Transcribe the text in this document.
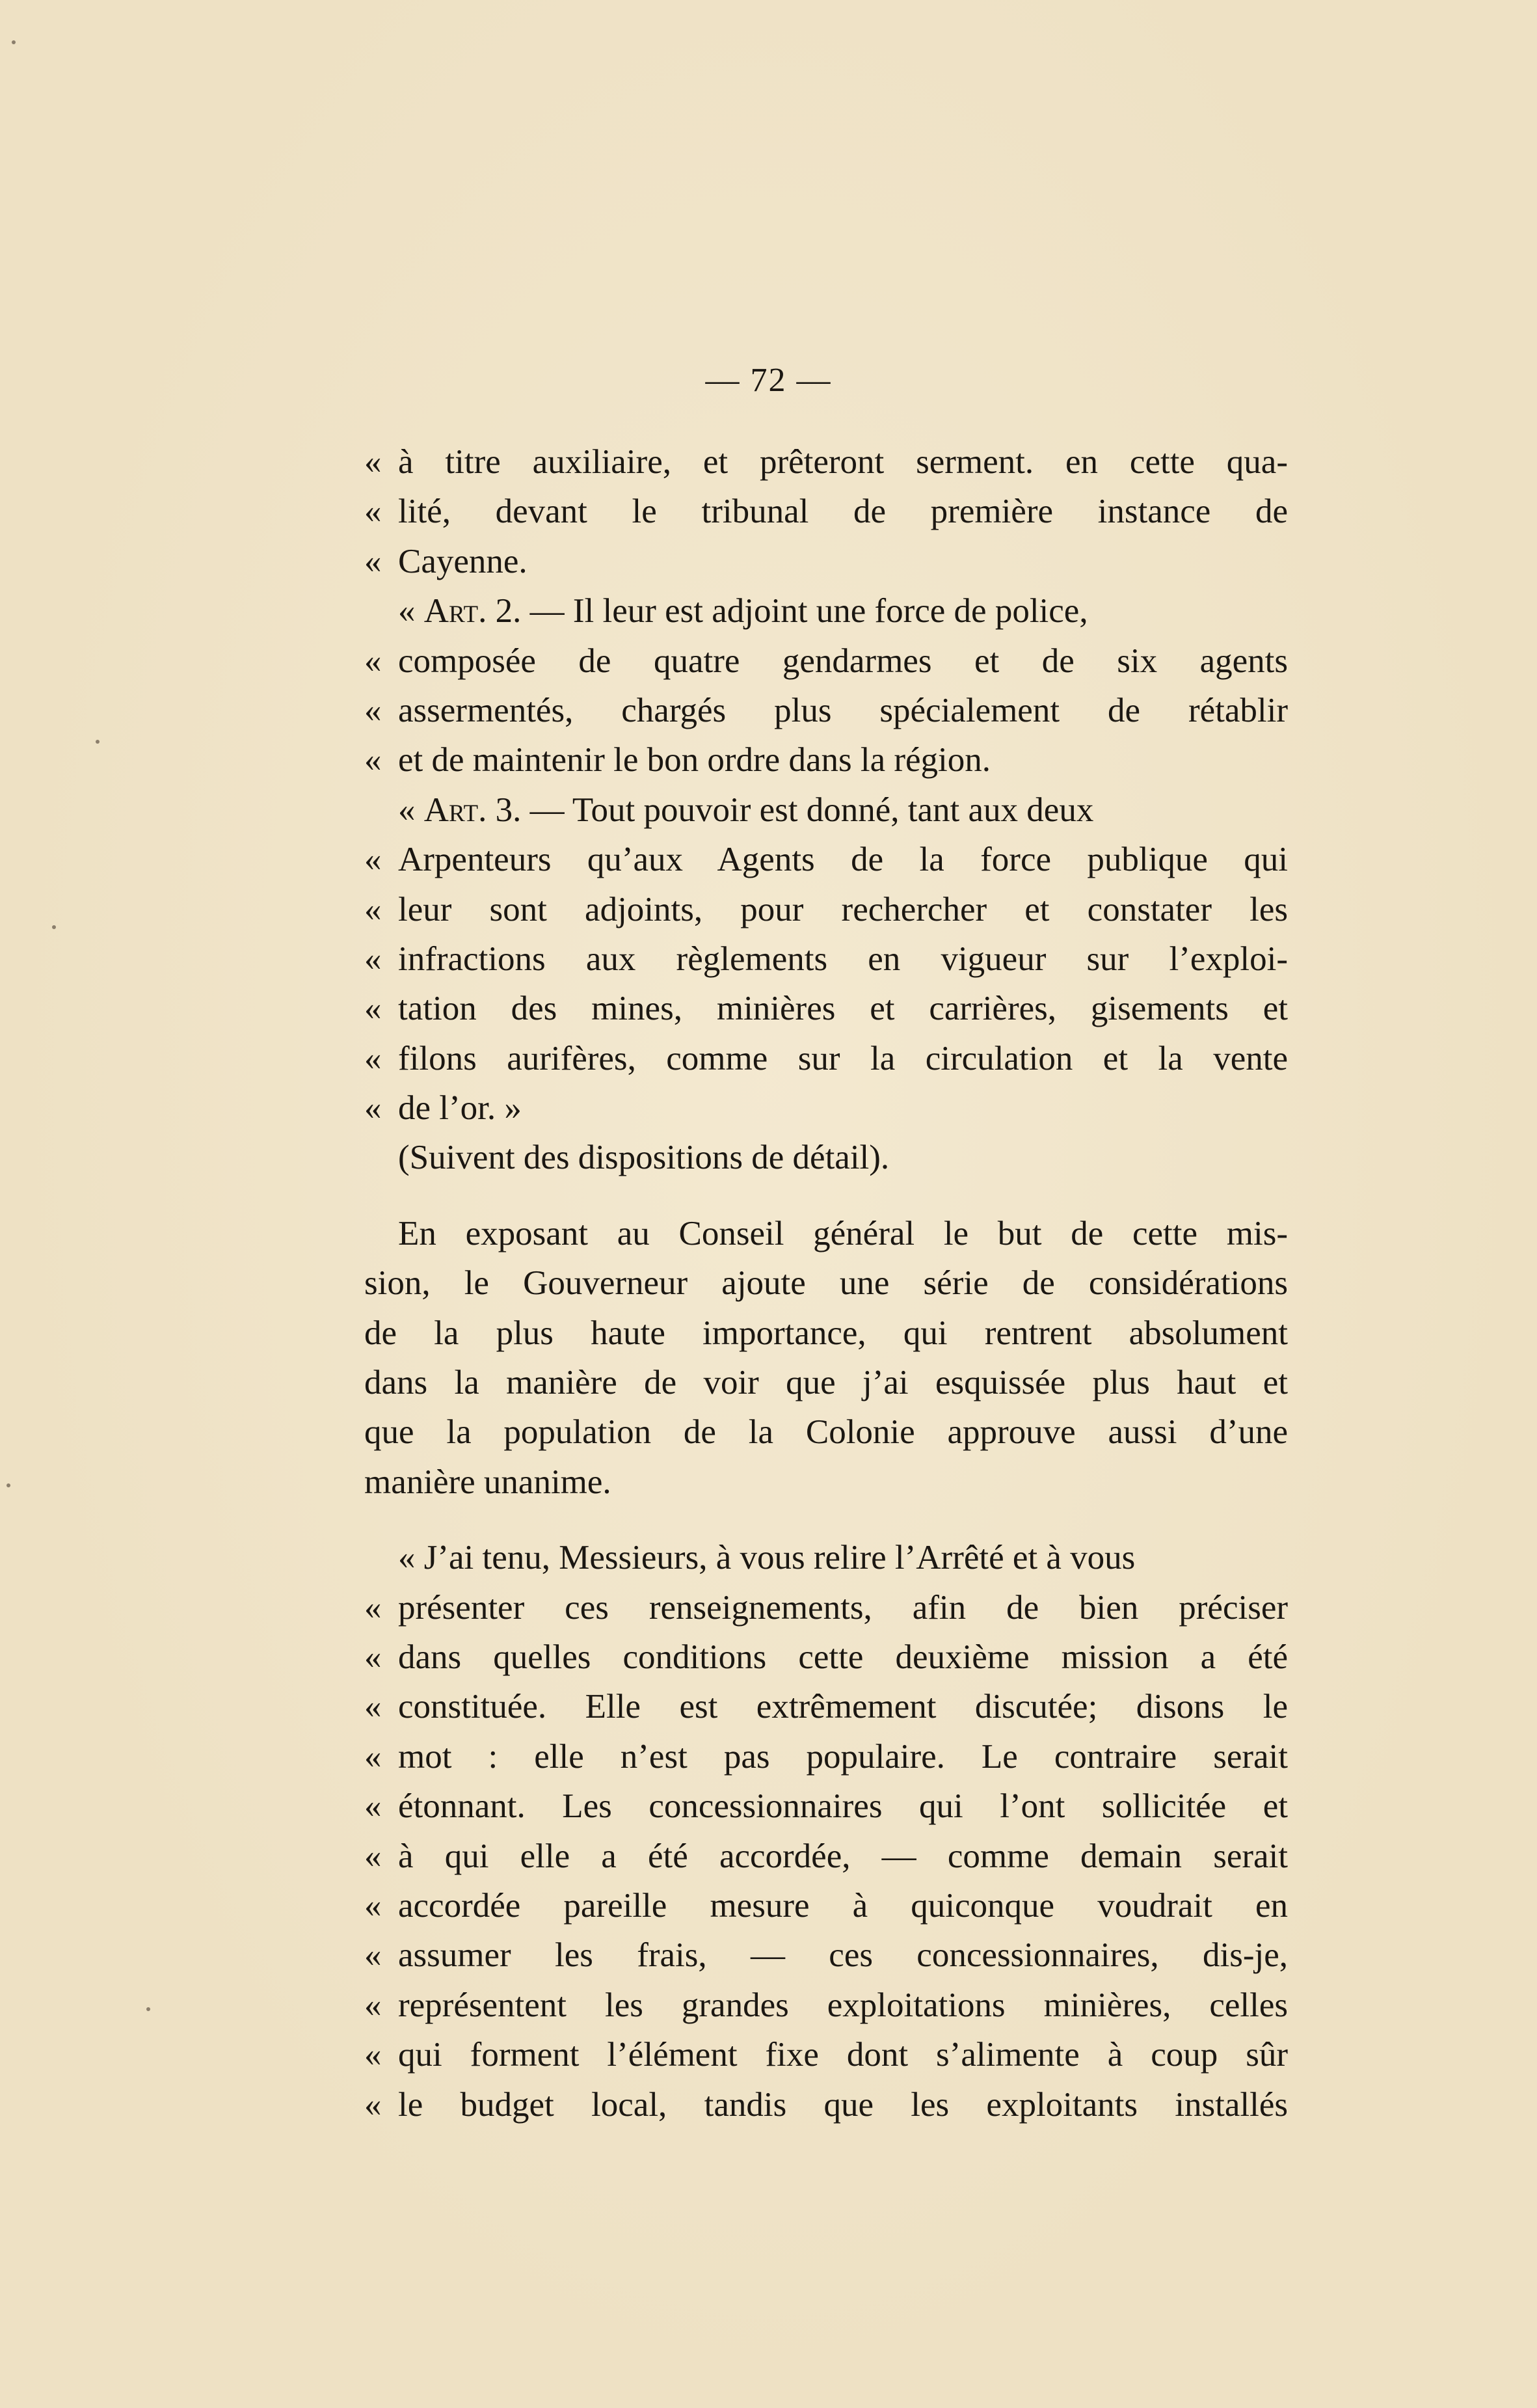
— 72 —
« à titre auxiliaire, et prêteront serment. en cette qua-
« lité, devant le tribunal de première instance de
« Cayenne.
« Art. 2. — Il leur est adjoint une force de police,
« composée de quatre gendarmes et de six agents
« assermentés, chargés plus spécialement de rétablir
« et de maintenir le bon ordre dans la région.
« Art. 3. — Tout pouvoir est donné, tant aux deux
« Arpenteurs qu’aux Agents de la force publique qui
« leur sont adjoints, pour rechercher et constater les
« infractions aux règlements en vigueur sur l’exploi-
« tation des mines, minières et carrières, gisements et
« filons aurifères, comme sur la circulation et la vente
« de l’or. »
(Suivent des dispositions de détail).
En exposant au Conseil général le but de cette mis-
sion, le Gouverneur ajoute une série de considérations
de la plus haute importance, qui rentrent absolument
dans la manière de voir que j’ai esquissée plus haut et
que la population de la Colonie approuve aussi d’une
manière unanime.
« J’ai tenu, Messieurs, à vous relire l’Arrêté et à vous
« présenter ces renseignements, afin de bien préciser
« dans quelles conditions cette deuxième mission a été
« constituée. Elle est extrêmement discutée; disons le
« mot : elle n’est pas populaire. Le contraire serait
« étonnant. Les concessionnaires qui l’ont sollicitée et
« à qui elle a été accordée, — comme demain serait
« accordée pareille mesure à quiconque voudrait en
« assumer les frais, — ces concessionnaires, dis-je,
« représentent les grandes exploitations minières, celles
« qui forment l’élément fixe dont s’alimente à coup sûr
« le budget local, tandis que les exploitants installés
